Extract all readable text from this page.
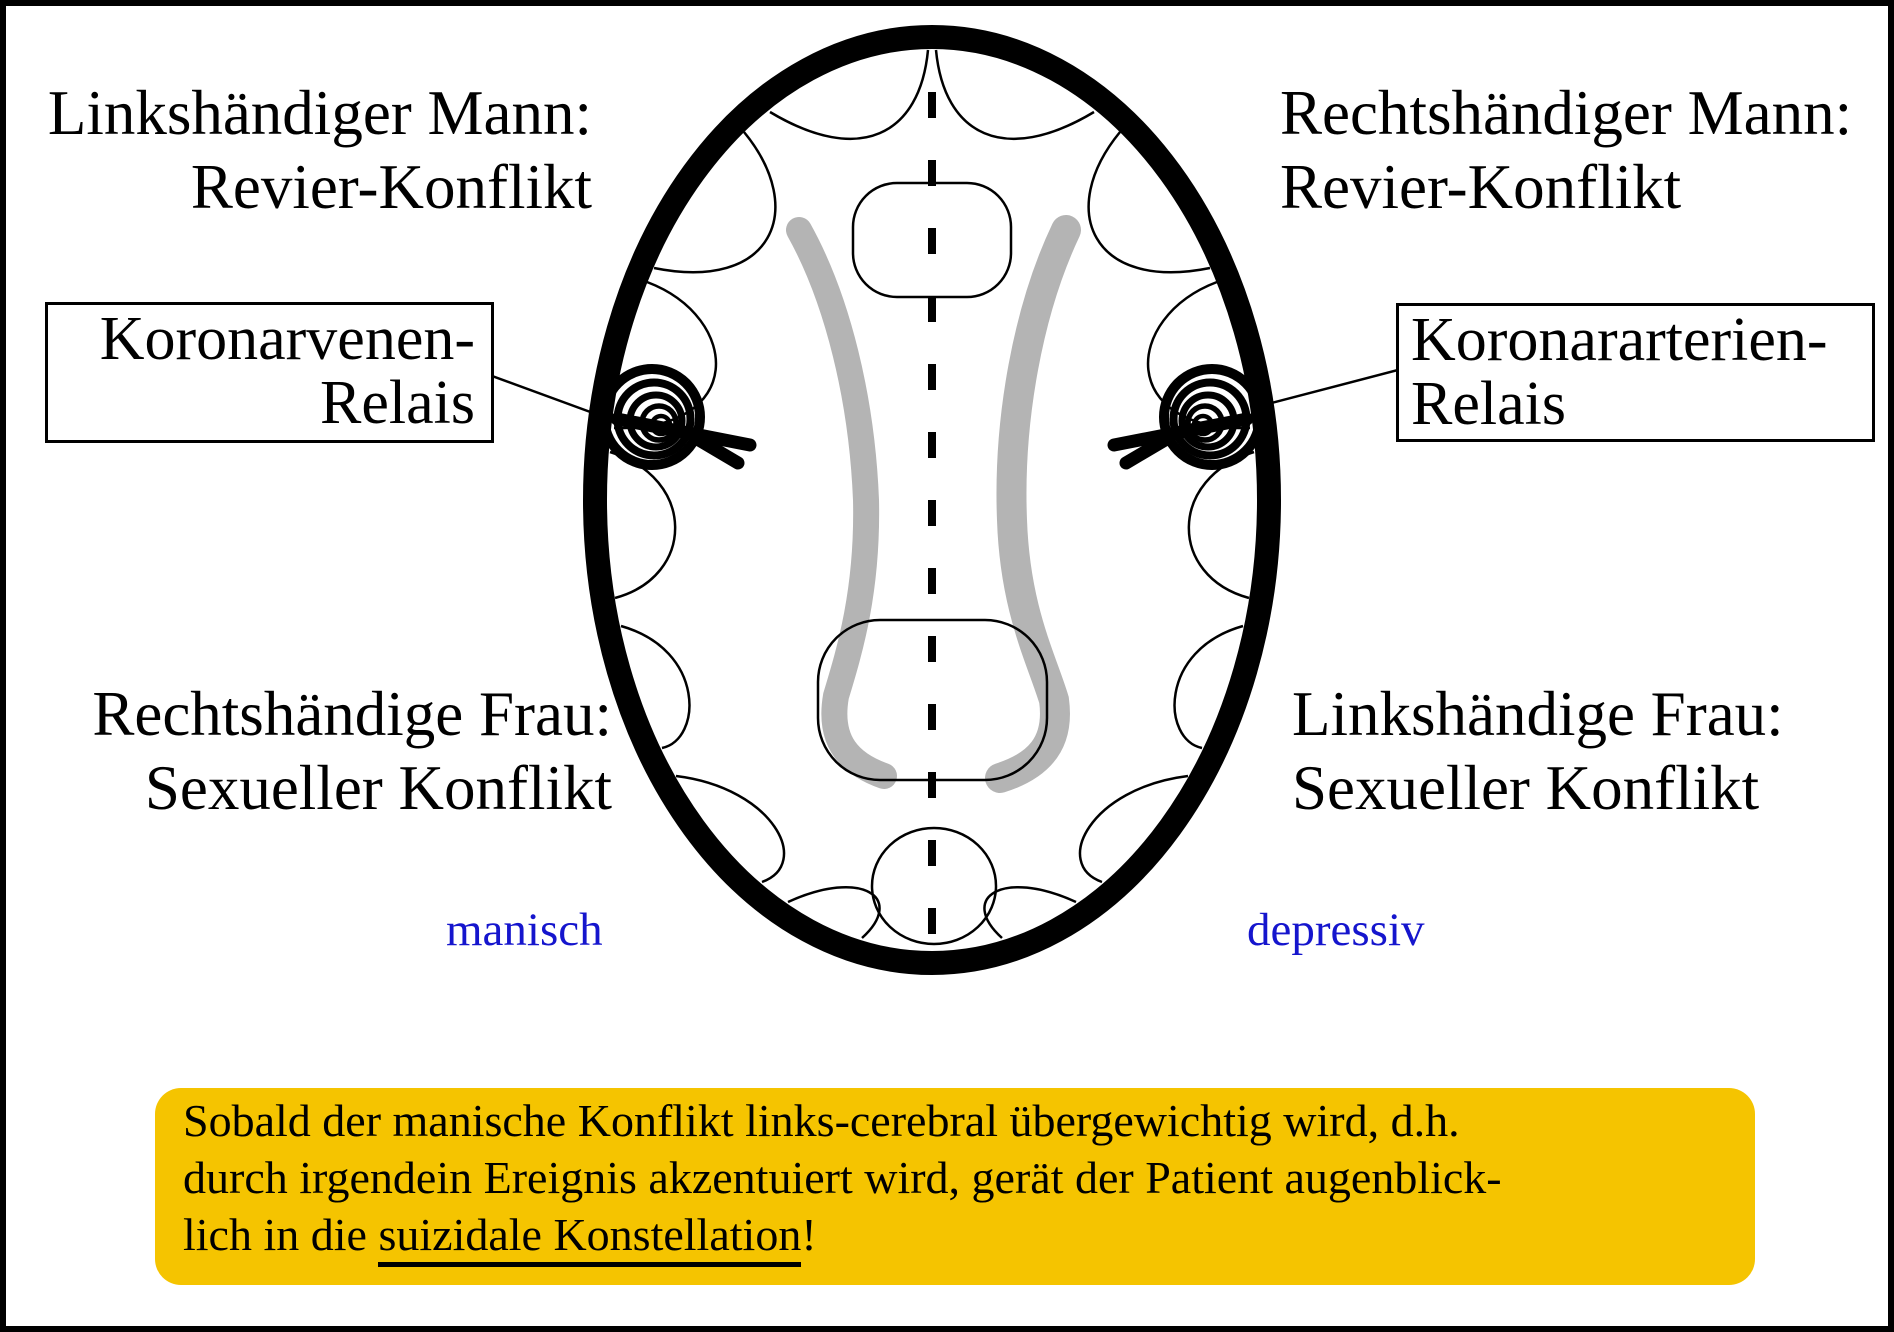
Linkshändiger Mann:
Revier-Konflikt
Rechtshändiger Mann:
Revier-Konflikt
Rechtshändige Frau:
Sexueller Konflikt
Linkshändige Frau:
Sexueller Konflikt
Koronarvenen-
Relais
Koronararterien-
Relais
manisch	depressiv
Sobald der manische Konflikt links-cerebral übergewichtig wird, d.h.
durch irgendein Ereignis akzentuiert wird, gerät der Patient augenblick-
lich in die suizidale Konstellation!
